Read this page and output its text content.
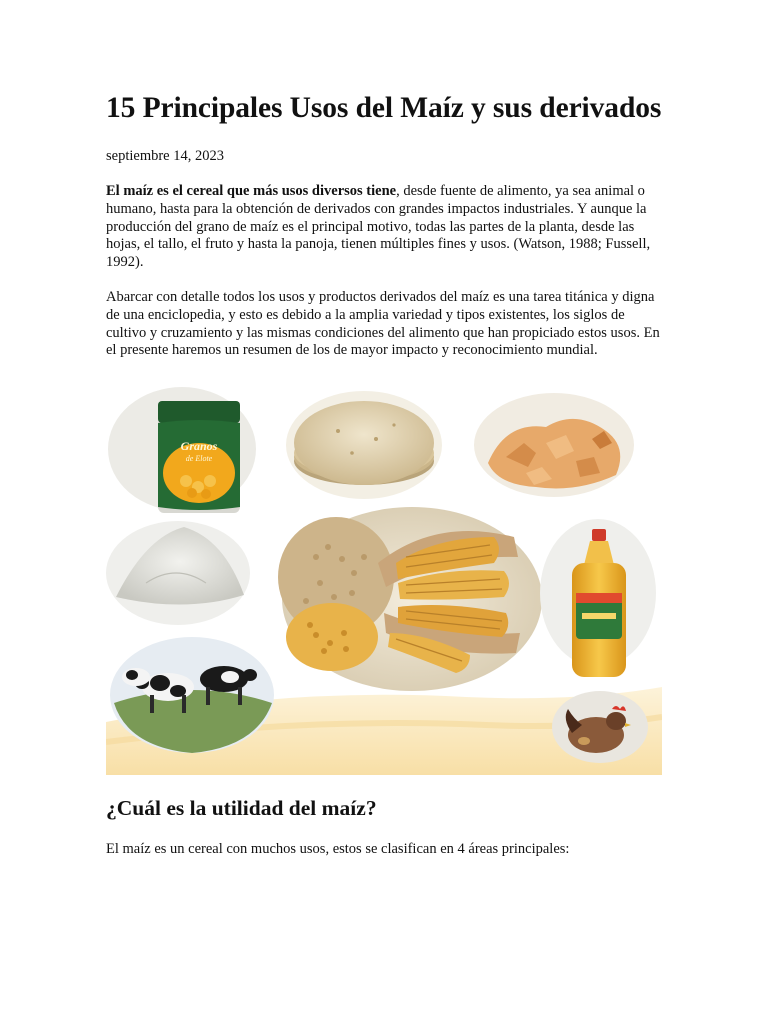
15 Principales Usos del Maíz y sus derivados
septiembre 14, 2023

El maíz es el cereal que más usos diversos tiene, desde fuente de alimento, ya sea animal o humano, hasta para la obtención de derivados con grandes impactos industriales. Y aunque la producción del grano de maíz es el principal motivo, todas las partes de la planta, desde las hojas, el tallo, el fruto y hasta la panoja, tienen múltiples fines y usos. (Watson, 1988; Fussell, 1992).

Abarcar con detalle todos los usos y productos derivados del maíz es una tarea titánica y digna de una enciclopedia, y esto es debido a la amplia variedad y tipos existentes, los siglos de cultivo y cruzamiento y las mismas condiciones del alimento que han propiciado estos usos. En el presente haremos un resumen de los de mayor impacto y reconocimiento mundial.

Granos
de Elote
¿Cuál es la utilidad del maíz?

El maíz es un cereal con muchos usos, estos se clasifican en 4 áreas principales:
